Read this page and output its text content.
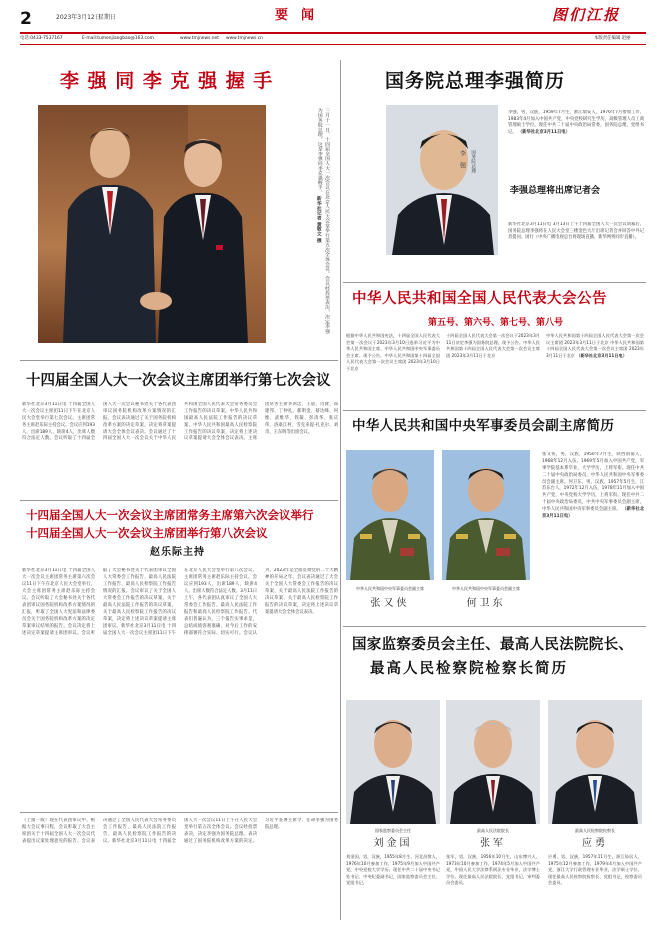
2	2023年3月12日
星期日	要　闻	图们江报
电话:0433-7537167	E-mail:tumenjiangbao@163.com	www.tmjnews.net www.tmjnews.cn	本版责任编辑 赵丽
李 强 同 李 克 强 握 手
三月十一日，十四届全国人大一次会议在北京人民大会堂举行第五次全体会议。会议经投票表决，决定李强为国务院总理。这是李强同李克强握手。 新华社记者 黄敬文 摄
国务院总理李强简历
李强 国务院总理
李强，男，汉族，1959年7月生，浙江瑞安人，1976年7月参加工作，1983年4月加入中国共产党，中央党校研究生学历，高级管理人员工商管理硕士学位。现任中共二十届中央政治局常委，国务院总理、党组书记。 （新华社北京3月11日电）
李强总理将出席记者会
新华社北京3月11日电 3月13日上午十四届全国人大一次会议闭幕后，国务院总理李强将在人民大会堂三楼金色大厅出席记者会并回答中外记者提问。国行（中央广播电视总台将现场直播，新华网将同步直播）。
中华人民共和国全国人民代表大会公告
第五号、第六号、第七号、第八号
根据中华人民共和国宪法，十四届全国人民代表大会第一次会议于2023年3月10日选举习近平为中华人民共和国主席、中华人民共和国中央军事委员会主席。现予公告。中华人民共和国第十四届全国人民代表大会第一次会议主席团 2023年3月10日于北京
十四届全国人民代表大会第一次会议于2023年3月11日决定李强为国务院总理。现予公告。中华人民共和国第十四届全国人民代表大会第一次会议主席团 2023年3月11日于北京
中华人民共和国第十四届全国人民代表大会第一次会议主席团 2023年3月11日于北京 中华人民共和国第十四届全国人民代表大会第一次会议主席团 2023年3月11日于北京 （新华社北京3月11日电）
中华人民共和国中央军事委员会副主席简历
中华人民共和国中央军事委员会副主席
张又侠
中华人民共和国中央军事委员会副主席
何卫东
张又侠，男，汉族，1950年7月生，陕西渭南人，1968年12月入伍，1969年5月加入中国共产党，军事学院基本系毕业，大学学历，上将军衔。现任中共二十届中央政治局委员，中华人民共和国中央军事委员会副主席。何卫东，男，汉族，1957年5月生，江苏东台人，1972年12月入伍，1978年11月加入中国共产党，中央党校大学学历，上将军衔。现任中共二十届中央政治局委员，中共中央军事委员会副主席，中华人民共和国中央军事委员会副主席。 （新华社北京3月11日电）
国家监察委员会主任、最高人民法院院长、
最高人民检察院检察长简历
国家监察委员会主任
刘金国
最高人民法院院长
张军
最高人民检察院检察长
应勇
刘金国，男，汉族，1955年8月生，河北昌黎人，1976年10月参加工作，1975年9月加入中国共产党，中央党校大学学历。现任中共二十届中央书记处书记、中央纪委副书记，国家监察委员会主任、党组书记。
张军，男，汉族，1956年10月生，山东博兴人，1973年10月参加工作，1974年5月加入中国共产党，中国人民大学法律系刑法专业毕业，法学博士学位。现任最高人民法院院长、党组书记，审判委员会委员。
应勇，男，汉族，1957年11月生，浙江仙居人，1975年12月参加工作，1979年4月加入中国共产党，浙江大学行政管理专业毕业，法学硕士学位。现任最高人民检察院检察长、党组书记，检察委员会委员。
十四届全国人大一次会议主席团举行第七次会议
新华社北京3月11日电 十四届全国人大一次会议主席团11日下午在北京人民大会堂举行第七次会议。主席团常务主席赵乐际主持会议。会议应到193人，出席189人，缺席4人，出席人数符合法定人数。会议听取了十四届全国人大一次会议秘书处关于各代表团审议国务院机构改革方案情况的汇报。会议表决通过了关于国务院机构改革方案的决定草案，决定将草案提请大会全体会议表决。会议通过了十四届全国人大一次会议关于中华人民共和国全国人民代表大会常务委员会工作报告的决议草案，中华人民共和国最高人民法院工作报告的决议草案，中华人民共和国最高人民检察院工作报告的决议草案，决定将上述决议草案提请大会全体会议表决。主席团常务主席李鸿忠、王晨、肖捷、郑建邦、丁仲礼、郝明金、蔡达峰、何维、武维华、铁凝、彭清华、张庆伟、洛桑江村、雪克来提·扎克尔、刘奇、王东明等出席会议。
十四届全国人大一次会议主席团常务主席第六次会议举行
十四届全国人大一次会议主席团举行第八次会议
赵乐际主持
新华社北京3月11日电 十四届全国人大一次会议主席团常务主席第六次会议11日下午在北京人民大会堂举行，大会主席团常务主席赵乐际主持会议。会议听取了大会秘书处关于各代表团审议国务院机构改革方案情况的汇报，听取了全国人大宪法和法律委员会关于国务院机构改革方案的决定草案审议结果的报告。会议决定将上述决定草案提请主席团审议。会议听取了大会秘书处关于代表团审议全国人大常委会工作报告、最高人民法院工作报告、最高人民检察院工作报告情况的汇报。会议审议了关于全国人大常委会工作报告的决议草案，关于最高人民法院工作报告的决议草案，关于最高人民检察院工作报告的决议草案，决定将上述决议草案提请主席团审议。新华社北京3月11日电 十四届全国人大一次会议主席团11日下午在北京人民大会堂举行第八次会议。主席团常务主席赵乐际主持会议。会议应到193人，出席189人，缺席4人，出席人数符合法定人数。3月11日上午，各代表团认真审议了全国人大常委会工作报告、最高人民法院工作报告和最高人民检察院工作报告。代表们普遍认为，三个报告实事求是，总结成绩客观准确，对今后工作的安排部署符合实际、切实可行。会议认为，2023年是全面贯彻党的二十大精神的开局之年。会议表决通过了大会关于全国人大常委会工作报告的决议草案、关于最高人民法院工作报告的决议草案、关于最高人民检察院工作报告的决议草案，决定将上述决议草案提请大会全体会议表决。
（上接一版）现在代表团审议中。根据大会议事日程，会议听取了大会主席团关于十四届全国人大一次会议代表提出议案处理意见的报告。会议表决通过了全国人民代表大会常务委员会工作报告、最高人民法院工作报告、最高人民检察院工作报告的决议。新华社北京3月11日电 十四届全国人大一次会议11日上午在人民大会堂举行第五次全体会议。会议经投票表决，决定李强为国务院总理。表决通过了国务院机构改革方案的决定。习近平签署主席令，任命李强为国务院总理。
